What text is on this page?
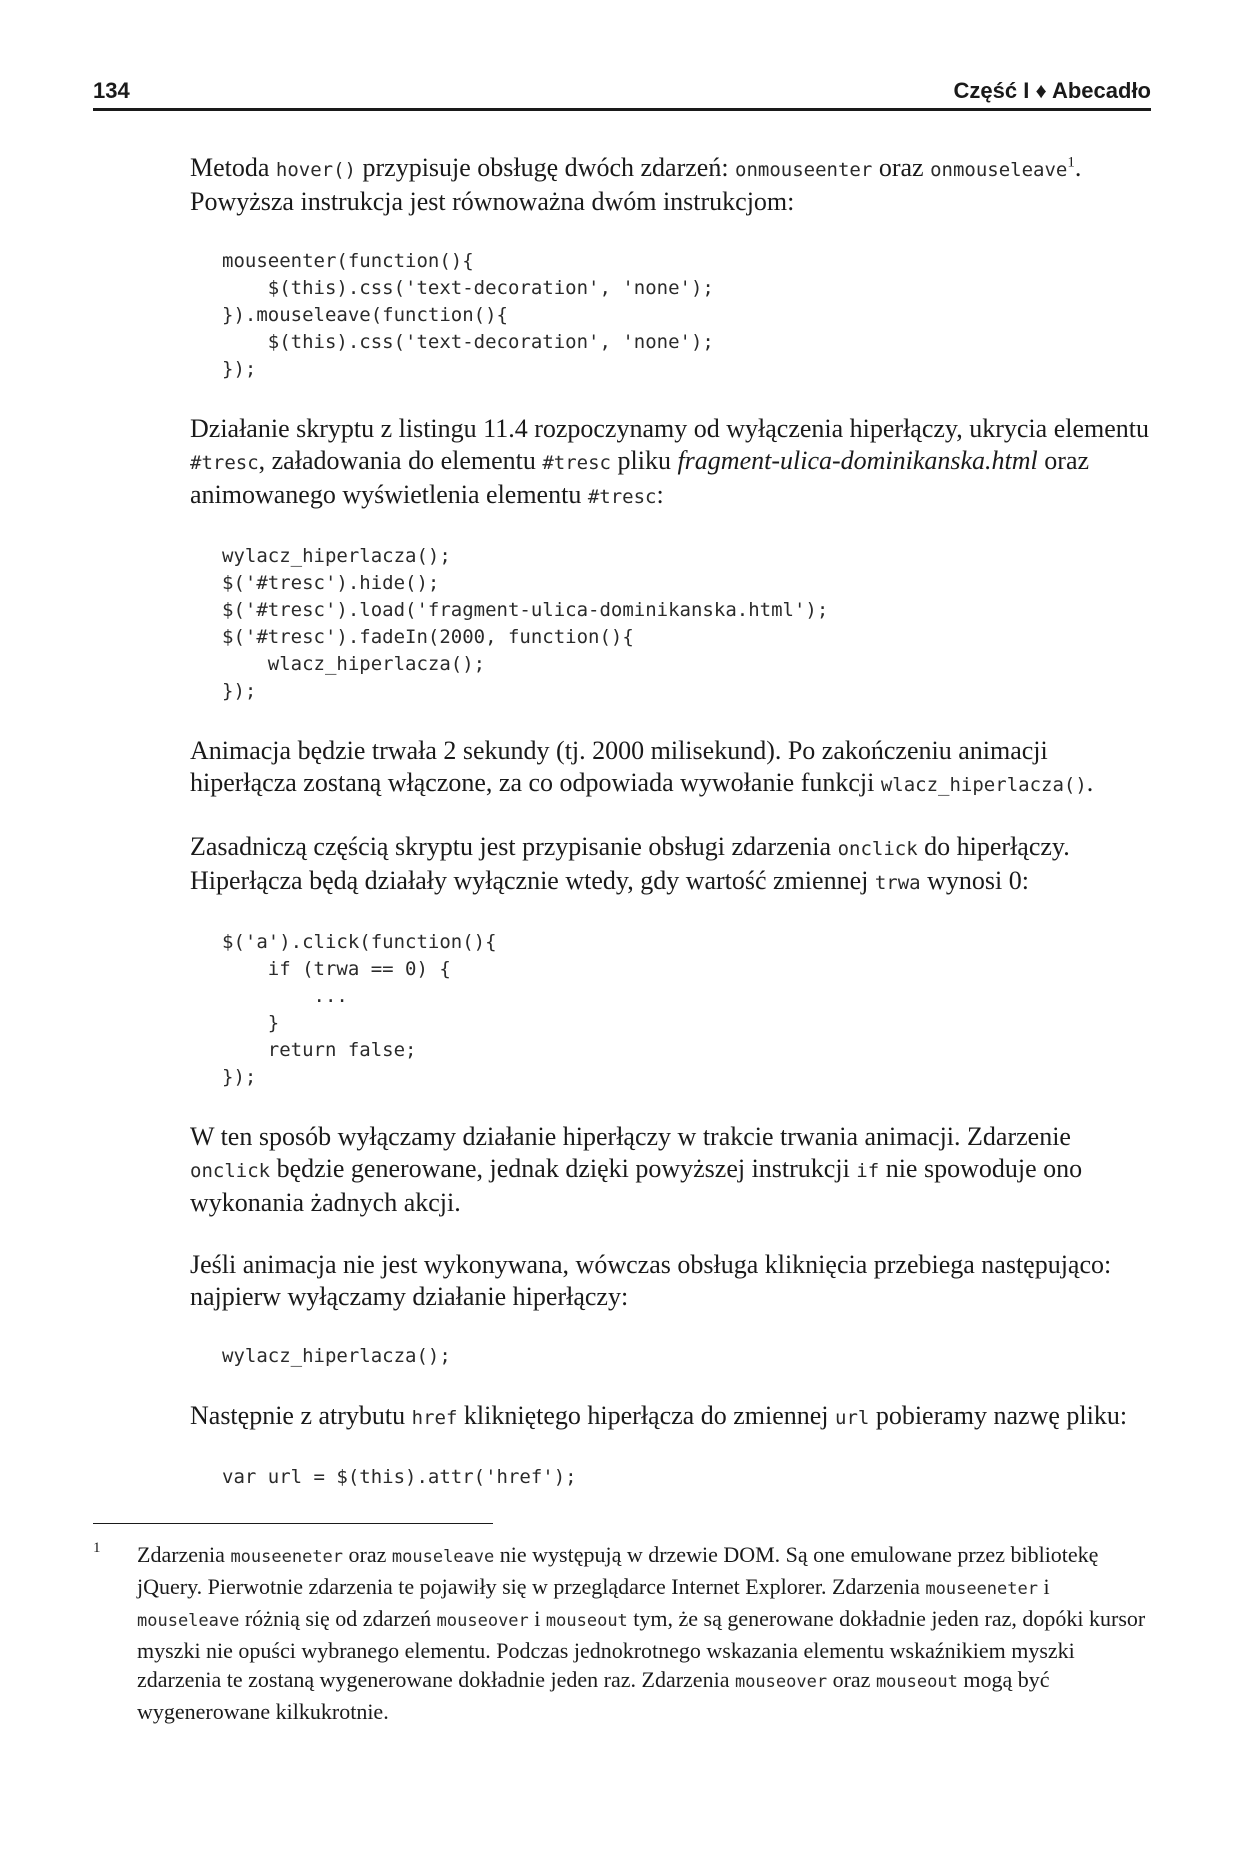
134	Część I ♦ Abecadło

Metoda hover() przypisuje obsługę dwóch zdarzeń: onmouseenter oraz onmouseleave$^1$. Powyższa instrukcja jest równoważna dwóm instrukcjom:

mouseenter(function(){
$(this).css('text-decoration', 'none');
}).mouseleave(function(){
$(this).css('text-decoration', 'none');
});

Działanie skryptu z listingu 11.4 rozpoczynamy od wyłączenia hiperłączy, ukrycia elementu #tresc, załadowania do elementu #tresc pliku fragment-ulica-dominikanska.html oraz animowanego wyświetlenia elementu #tresc:

wylacz_hiperlacza();
$('#tresc').hide();
$('#tresc').load('fragment-ulica-dominikanska.html');
$('#tresc').fadeIn(2000, function(){
wlacz_hiperlacza();
});

Animacja będzie trwała 2 sekundy (tj. 2000 milisekund). Po zakończeniu animacji hiperłącza zostaną włączone, za co odpowiada wywołanie funkcji wlacz_hiperlacza().

Zasadniczą częścią skryptu jest przypisanie obsługi zdarzenia onclick do hiperłączy. Hiperłącza będą działały wyłącznie wtedy, gdy wartość zmiennej trwa wynosi 0:

$('a').click(function(){
if (trwa == 0) {
...
}
return false;
});

W ten sposób wyłączamy działanie hiperłączy w trakcie trwania animacji. Zdarzenie onclick będzie generowane, jednak dzięki powyższej instrukcji if nie spowoduje ono wykonania żadnych akcji.

Jeśli animacja nie jest wykonywana, wówczas obsługa kliknięcia przebiega następująco: najpierw wyłączamy działanie hiperłączy:

wylacz_hiperlacza();

Następnie z atrybutu href klikniętego hiperłącza do zmiennej url pobieramy nazwę pliku:

var url = $(this).attr('href');
1 Zdarzenia mouseeneter oraz mouseleave nie występują w drzewie DOM. Są one emulowane przez bibliotekę jQuery. Pierwotnie zdarzenia te pojawiły się w przeglądarce Internet Explorer. Zdarzenia mouseeneter i mouseleave różnią się od zdarzeń mouseover i mouseout tym, że są generowane dokładnie jeden raz, dopóki kursor myszki nie opuści wybranego elementu. Podczas jednokrotnego wskazania elementu wskaźnikiem myszki zdarzenia te zostaną wygenerowane dokładnie jeden raz. Zdarzenia mouseover oraz mouseout mogą być wygenerowane kilkukrotnie.
